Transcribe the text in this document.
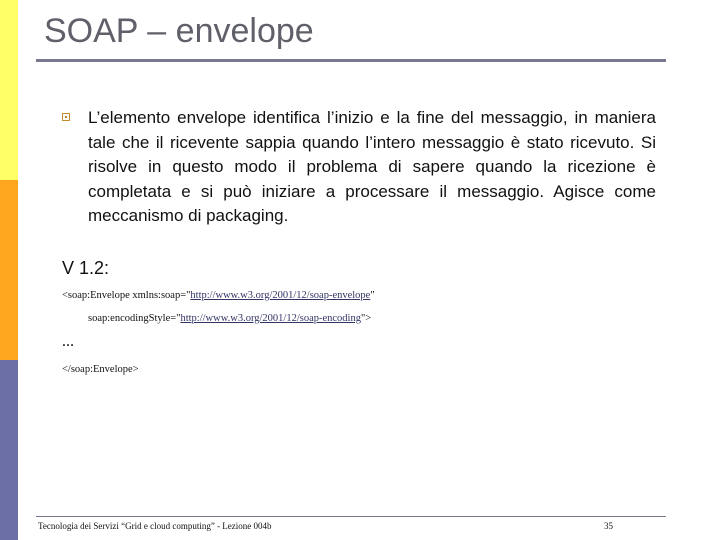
SOAP – envelope
L’elemento envelope identifica l’inizio e la fine del messaggio, in maniera tale che il ricevente sappia quando l’intero messaggio è stato ricevuto. Si risolve in questo modo il problema di sapere quando la ricezione è completata e si può iniziare a processare il messaggio. Agisce come meccanismo di packaging.
V 1.2:
<soap:Envelope xmlns:soap="http://www.w3.org/2001/12/soap-envelope"
soap:encodingStyle="http://www.w3.org/2001/12/soap-encoding">
…
</soap:Envelope>
Tecnologia dei Servizi “Grid e cloud computing” - Lezione 004b	35
